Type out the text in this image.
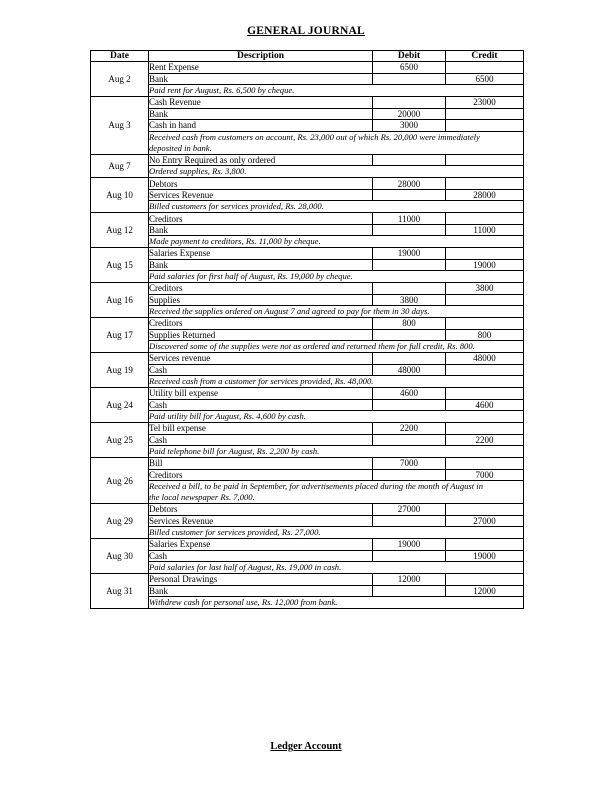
GENERAL JOURNAL
Date	Description	Debit	Credit
Aug 2	Rent Expense	6500	
	Bank		6500

	Paid rent for August, Rs. 6,500 by cheque.		

Aug 3	Cash Revenue		23000
	Bank	20000	
	Cash in hand	3000	

	Received cash from customers on account, Rs. 23,000 out of which Rs. 20,000 were immediately
deposited in bank.		

Aug 7	No Entry Required as only ordered		

	Ordered supplies, Rs. 3,800.		

Aug 10	Debtors	28000	
	Services Revenue		28000

	Billed customers for services provided, Rs. 28,000.		

Aug 12	Creditors	11000	
	Bank		11000

	Made payment to creditors, Rs. 11,000 by cheque.		

Aug 15	Salaries Expense	19000	
	Bank		19000

	Paid salaries for first half of August, Rs. 19,000 by cheque.		

Aug 16	Creditors		3800
	Supplies	3800	

	Received the supplies ordered on August 7 and agreed to pay for them in 30 days.		

Aug 17	Creditors	800	
	Supplies Returned		800

	Discovered some of the supplies were not as ordered and returned them for full credit, Rs. 800.		

Aug 19	Services revenue		48000
	Cash	48000	

	Received cash from a customer for services provided, Rs. 48,000.		

Aug 24	Utility bill expense	4600	
	Cash		4600

	Paid utility bill for August, Rs. 4,600 by cash.		

Aug 25	Tel bill expense	2200	
	Cash		2200

	Paid telephone bill for August, Rs. 2,200 by cash.		

Aug 26	Bill	7000	
	Creditors		7000

	Received a bill, to be paid in September, for advertisements placed during the month of August in
the local newspaper Rs. 7,000.		

Aug 29	Debtors	27000	
	Services Revenue		27000

	Billed customer for services provided, Rs. 27,000.		

Aug 30	Salaries Expense	19000	
	Cash		19000

	Paid salaries for last half of August, Rs. 19,000 in cash.		

Aug 31	Personal Drawings	12000	
	Bank		12000

	Withdrew cash for personal use, Rs. 12,000 from bank.		
Ledger Account
